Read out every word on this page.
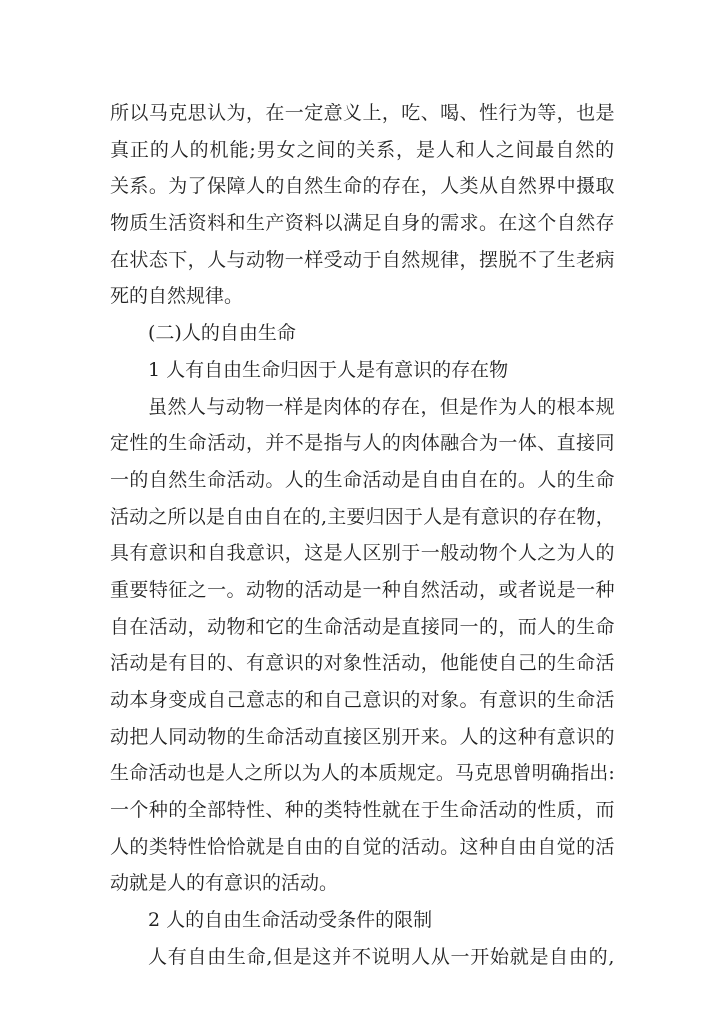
所以马克思认为，在一定意义上，吃、喝、性行为等，也是
真正的人的机能;男女之间的关系，是人和人之间最自然的
关系。为了保障人的自然生命的存在，人类从自然界中摄取
物质生活资料和生产资料以满足自身的需求。在这个自然存
在状态下，人与动物一样受动于自然规律，摆脱不了生老病
死的自然规律。
(二)人的自由生命
1 人有自由生命归因于人是有意识的存在物
虽然人与动物一样是肉体的存在，但是作为人的根本规
定性的生命活动，并不是指与人的肉体融合为一体、直接同
一的自然生命活动。人的生命活动是自由自在的。人的生命
活动之所以是自由自在的,主要归因于人是有意识的存在物，
具有意识和自我意识，这是人区别于一般动物个人之为人的
重要特征之一。动物的活动是一种自然活动，或者说是一种
自在活动，动物和它的生命活动是直接同一的，而人的生命
活动是有目的、有意识的对象性活动，他能使自己的生命活
动本身变成自己意志的和自己意识的对象。有意识的生命活
动把人同动物的生命活动直接区别开来。人的这种有意识的
生命活动也是人之所以为人的本质规定。马克思曾明确指出:
一个种的全部特性、种的类特性就在于生命活动的性质，而
人的类特性恰恰就是自由的自觉的活动。这种自由自觉的活
动就是人的有意识的活动。
2 人的自由生命活动受条件的限制
人有自由生命,但是这并不说明人从一开始就是自由的,
